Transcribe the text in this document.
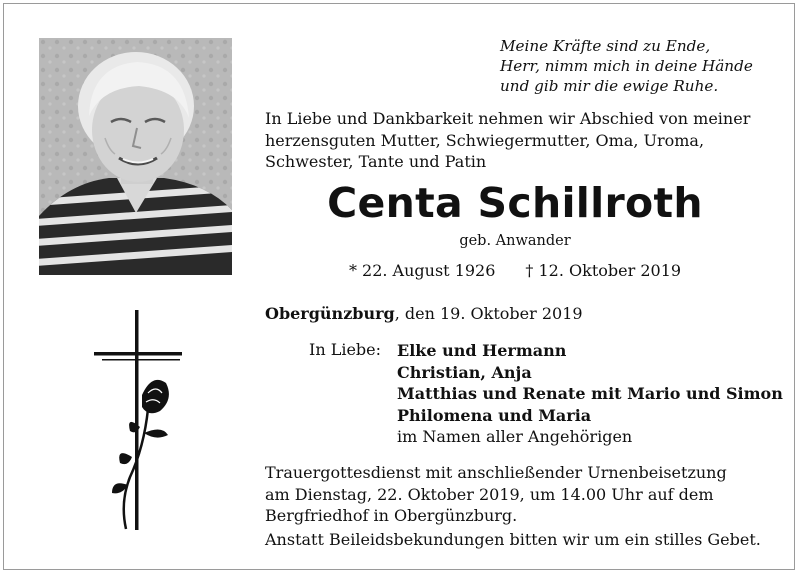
Meine Kräfte sind zu Ende,
Herr, nimm mich in deine Hände
und gib mir die ewige Ruhe.
In Liebe und Dankbarkeit nehmen wir Abschied von meiner
herzensguten Mutter, Schwiegermutter, Oma, Uroma,
Schwester, Tante und Patin
Centa Schillroth
geb. Anwander
* 22. August 1926 † 12. Oktober 2019
Obergünzburg, den 19. Oktober 2019
In Liebe: Elke und Hermann
Christian, Anja
Matthias und Renate mit Mario und Simon
Philomena und Maria
im Namen aller Angehörigen
Trauergottesdienst mit anschließender Urnenbeisetzung
am Dienstag, 22. Oktober 2019, um 14.00 Uhr auf dem
Bergfriedhof in Obergünzburg.
Anstatt Beileidsbekundungen bitten wir um ein stilles Gebet.
